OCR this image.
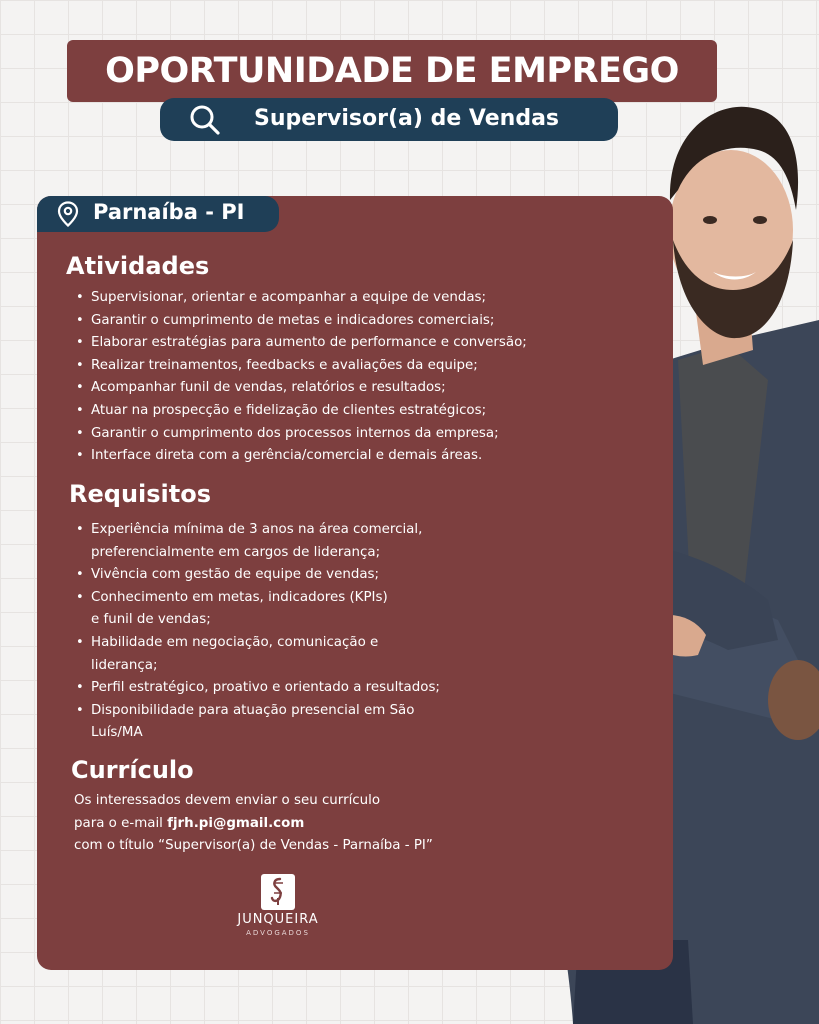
OPORTUNIDADE DE EMPREGO
Supervisor(a) de Vendas
Parnaíba - PI
Atividades
• Supervisionar, orientar e acompanhar a equipe de vendas;
• Garantir o cumprimento de metas e indicadores comerciais;
• Elaborar estratégias para aumento de performance e conversão;
• Realizar treinamentos, feedbacks e avaliações da equipe;
• Acompanhar funil de vendas, relatórios e resultados;
• Atuar na prospecção e fidelização de clientes estratégicos;
• Garantir o cumprimento dos processos internos da empresa;
• Interface direta com a gerência/comercial e demais áreas.
Requisitos
• Experiência mínima de 3 anos na área comercial,
preferencialmente em cargos de liderança;
• Vivência com gestão de equipe de vendas;
• Conhecimento em metas, indicadores (KPIs)
e funil de vendas;
• Habilidade em negociação, comunicação e
liderança;
• Perfil estratégico, proativo e orientado a resultados;
• Disponibilidade para atuação presencial em São
Luís/MA
Currículo
Os interessados devem enviar o seu currículo
para o e-mail fjrh.pi@gmail.com
com o título “Supervisor(a) de Vendas - Parnaíba - PI”
JUNQUEIRA
ADVOGADOS
